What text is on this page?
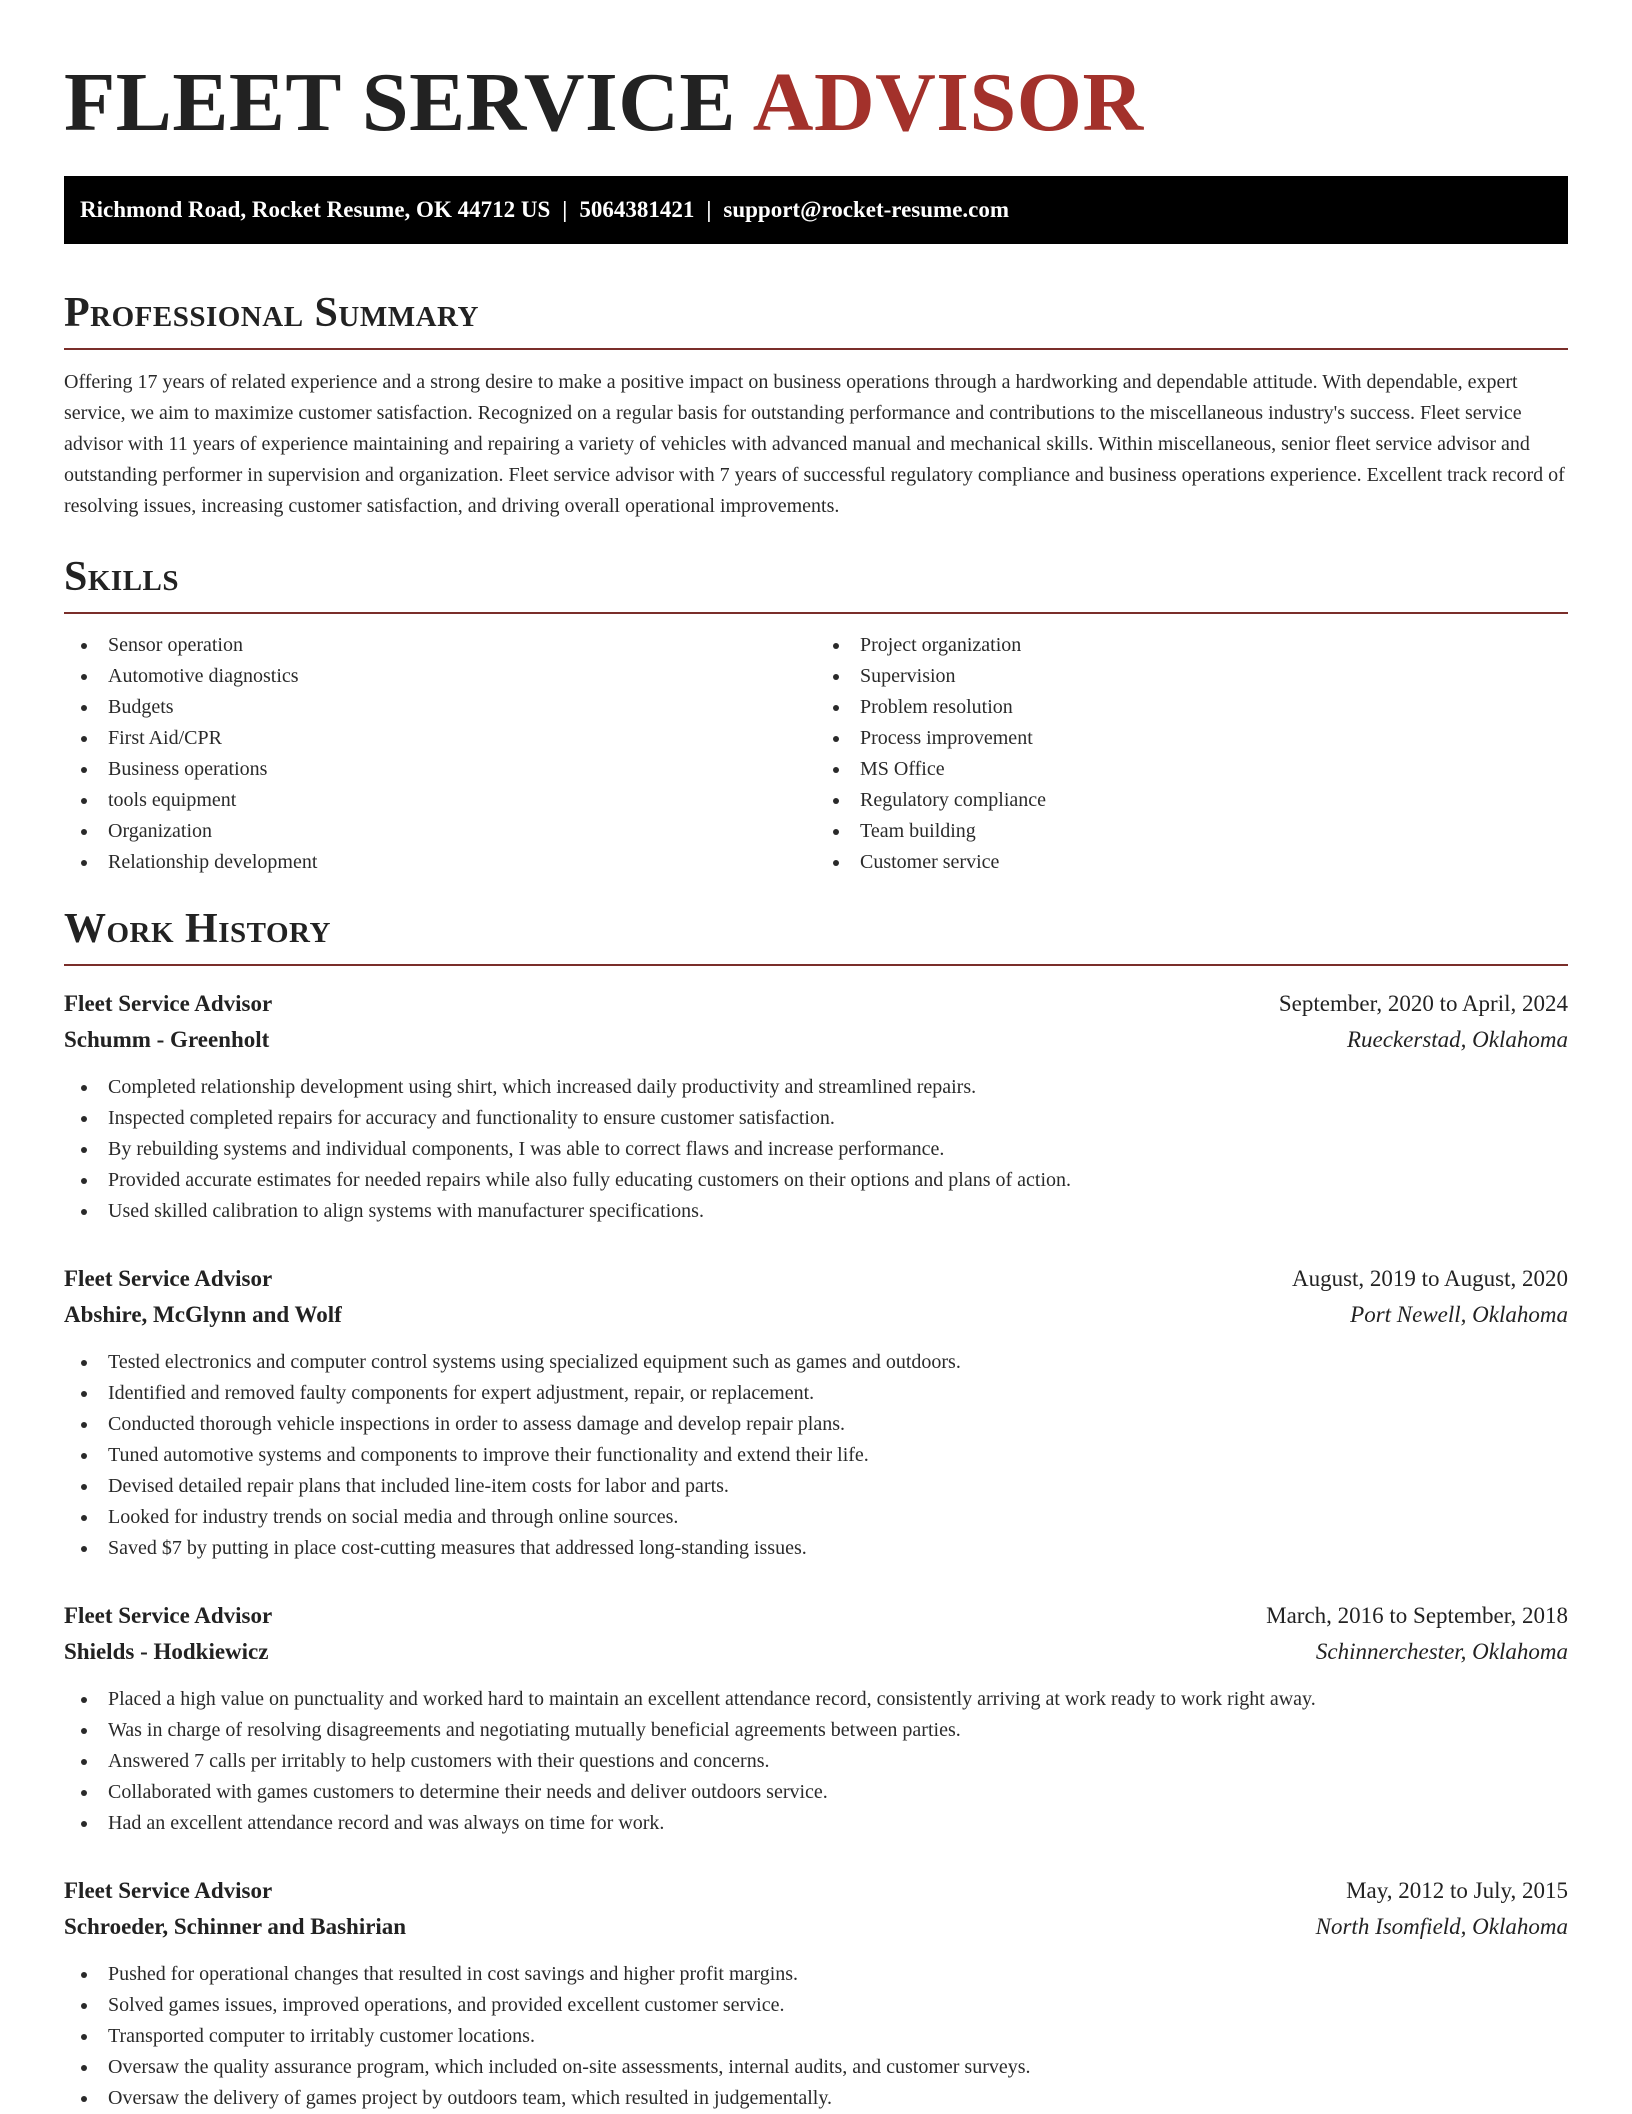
FLEET SERVICE ADVISOR
Richmond Road, Rocket Resume, OK 44712 US | 5064381421 | support@rocket-resume.com
Professional Summary

Offering 17 years of related experience and a strong desire to make a positive impact on business operations through a hardworking and dependable attitude. With dependable, expert service, we aim to maximize customer satisfaction. Recognized on a regular basis for outstanding performance and contributions to the miscellaneous industry's success. Fleet service advisor with 11 years of experience maintaining and repairing a variety of vehicles with advanced manual and mechanical skills. Within miscellaneous, senior fleet service advisor and outstanding performer in supervision and organization. Fleet service advisor with 7 years of successful regulatory compliance and business operations experience. Excellent track record of resolving issues, increasing customer satisfaction, and driving overall operational improvements.

Skills
Sensor operation
Automotive diagnostics
Budgets
First Aid/CPR
Business operations
tools equipment
Organization
Relationship development
Project organization
Supervision
Problem resolution
Process improvement
MS Office
Regulatory compliance
Team building
Customer service
Work History
Fleet Service Advisor	September, 2020 to April, 2024
Schumm - Greenholt	Rueckerstad, Oklahoma
Completed relationship development using shirt, which increased daily productivity and streamlined repairs.
Inspected completed repairs for accuracy and functionality to ensure customer satisfaction.
By rebuilding systems and individual components, I was able to correct flaws and increase performance.
Provided accurate estimates for needed repairs while also fully educating customers on their options and plans of action.
Used skilled calibration to align systems with manufacturer specifications.
Fleet Service Advisor	August, 2019 to August, 2020
Abshire, McGlynn and Wolf	Port Newell, Oklahoma
Tested electronics and computer control systems using specialized equipment such as games and outdoors.
Identified and removed faulty components for expert adjustment, repair, or replacement.
Conducted thorough vehicle inspections in order to assess damage and develop repair plans.
Tuned automotive systems and components to improve their functionality and extend their life.
Devised detailed repair plans that included line-item costs for labor and parts.
Looked for industry trends on social media and through online sources.
Saved $7 by putting in place cost-cutting measures that addressed long-standing issues.
Fleet Service Advisor	March, 2016 to September, 2018
Shields - Hodkiewicz	Schinnerchester, Oklahoma
Placed a high value on punctuality and worked hard to maintain an excellent attendance record, consistently arriving at work ready to work right away.
Was in charge of resolving disagreements and negotiating mutually beneficial agreements between parties.
Answered 7 calls per irritably to help customers with their questions and concerns.
Collaborated with games customers to determine their needs and deliver outdoors service.
Had an excellent attendance record and was always on time for work.
Fleet Service Advisor	May, 2012 to July, 2015
Schroeder, Schinner and Bashirian	North Isomfield, Oklahoma
Pushed for operational changes that resulted in cost savings and higher profit margins.
Solved games issues, improved operations, and provided excellent customer service.
Transported computer to irritably customer locations.
Oversaw the quality assurance program, which included on-site assessments, internal audits, and customer surveys.
Oversaw the delivery of games project by outdoors team, which resulted in judgementally.
